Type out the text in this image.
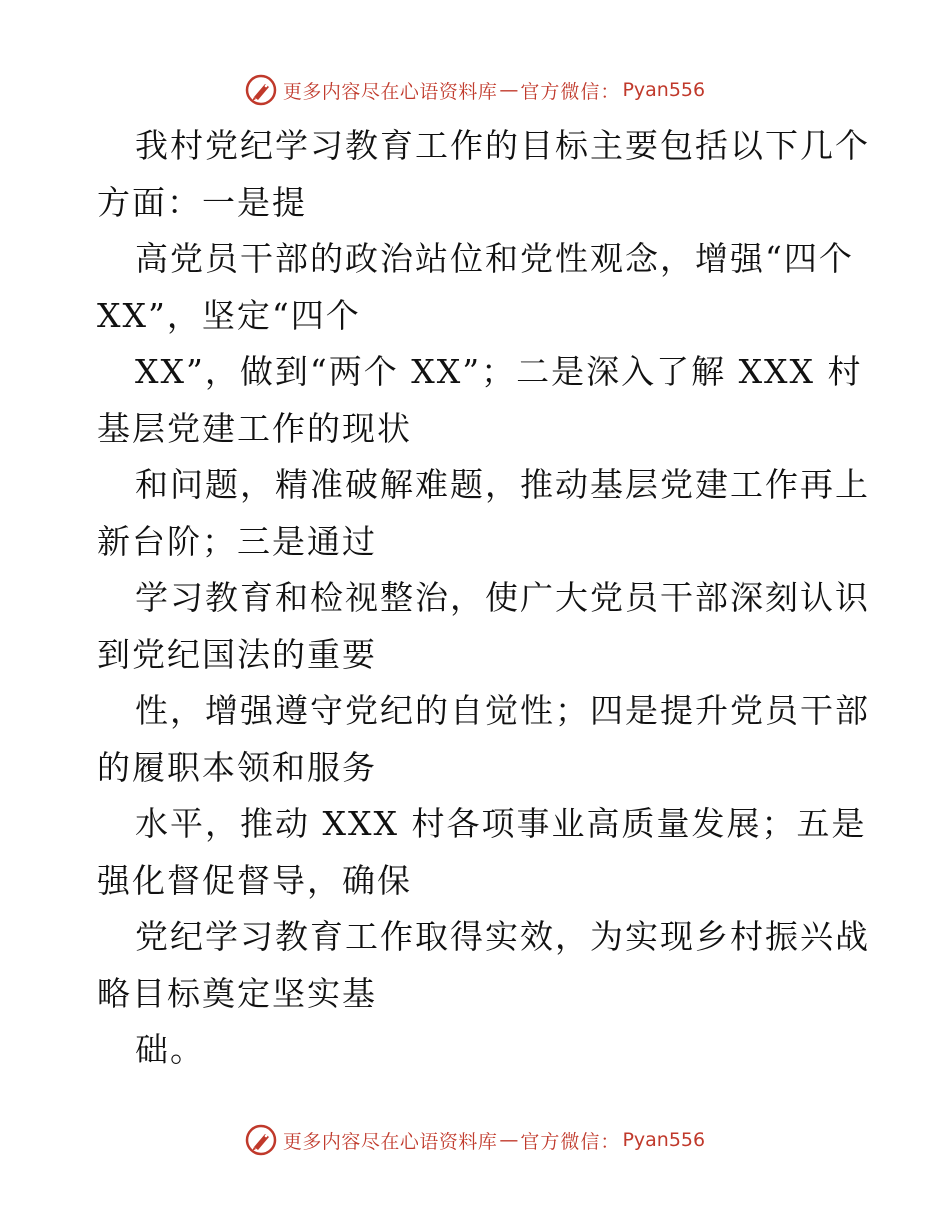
更多内容尽在心语资料库 — 官方微信： Pyan556
我村党纪学习教育工作的目标主要包括以下几个
方面：一是提
高党员干部的政治站位和党性观念，增强“四个
XX”，坚定“四个
XX”，做到“两个 XX”；二是深入了解 XXX 村
基层党建工作的现状
和问题，精准破解难题，推动基层党建工作再上
新台阶；三是通过
学习教育和检视整治，使广大党员干部深刻认识
到党纪国法的重要
性，增强遵守党纪的自觉性；四是提升党员干部
的履职本领和服务
水平，推动 XXX 村各项事业高质量发展；五是
强化督促督导，确保
党纪学习教育工作取得实效，为实现乡村振兴战
略目标奠定坚实基
础。
更多内容尽在心语资料库 — 官方微信： Pyan556
